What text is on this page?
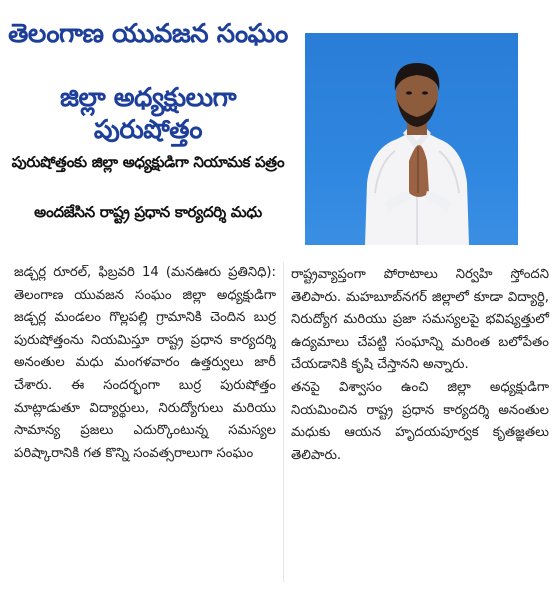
తెలంగాణ యువజన సంఘం
జిల్లా అధ్యక్షులుగా పురుషోత్తం

పురుషోత్తంకు జిల్లా అధ్యక్షుడిగా నియామక పత్రం

అందజేసిన రాష్ట్ర ప్రధాన కార్యదర్శి మధు

జడ్చర్ల రూరల్, ఫిబ్రవరి 14 (మనఊరు ప్రతినిధి): తెలంగాణ యువజన సంఘం జిల్లా అధ్యక్షుడిగా జడ్చర్ల మండలం గొల్లపల్లి గ్రామానికి చెందిన బుర్ర పురుషోత్తంను నియమిస్తూ రాష్ట్ర ప్రధాన కార్యదర్శి అనంతుల మధు మంగళవారం ఉత్తర్వులు జారీ చేశారు. ఈ సందర్భంగా బుర్ర పురుషోత్తం మాట్లాడుతూ విద్యార్థులు, నిరుద్యోగులు మరియు సామాన్య ప్రజలు ఎదుర్కొంటున్న సమస్యల పరిష్కారానికి గత కొన్ని సంవత్సరాలుగా సంఘం

రాష్ట్రవ్యాప్తంగా పోరాటాలు నిర్వహి స్తోందని తెలిపారు. మహబూబ్‌నగర్ జిల్లాలో కూడా విద్యార్థి, నిరుద్యోగ మరియు ప్రజా సమస్యలపై భవిష్యత్తులో ఉద్యమాలు చేపట్టి సంఘాన్ని మరింత బలోపేతం చేయడానికి కృషి చేస్తానని అన్నారు.

తనపై విశ్వాసం ఉంచి జిల్లా అధ్యక్షుడిగా నియమించిన రాష్ట్ర ప్రధాన కార్యదర్శి అనంతుల మధుకు ఆయన హృదయపూర్వక కృతజ్ఞతలు తెలిపారు.
